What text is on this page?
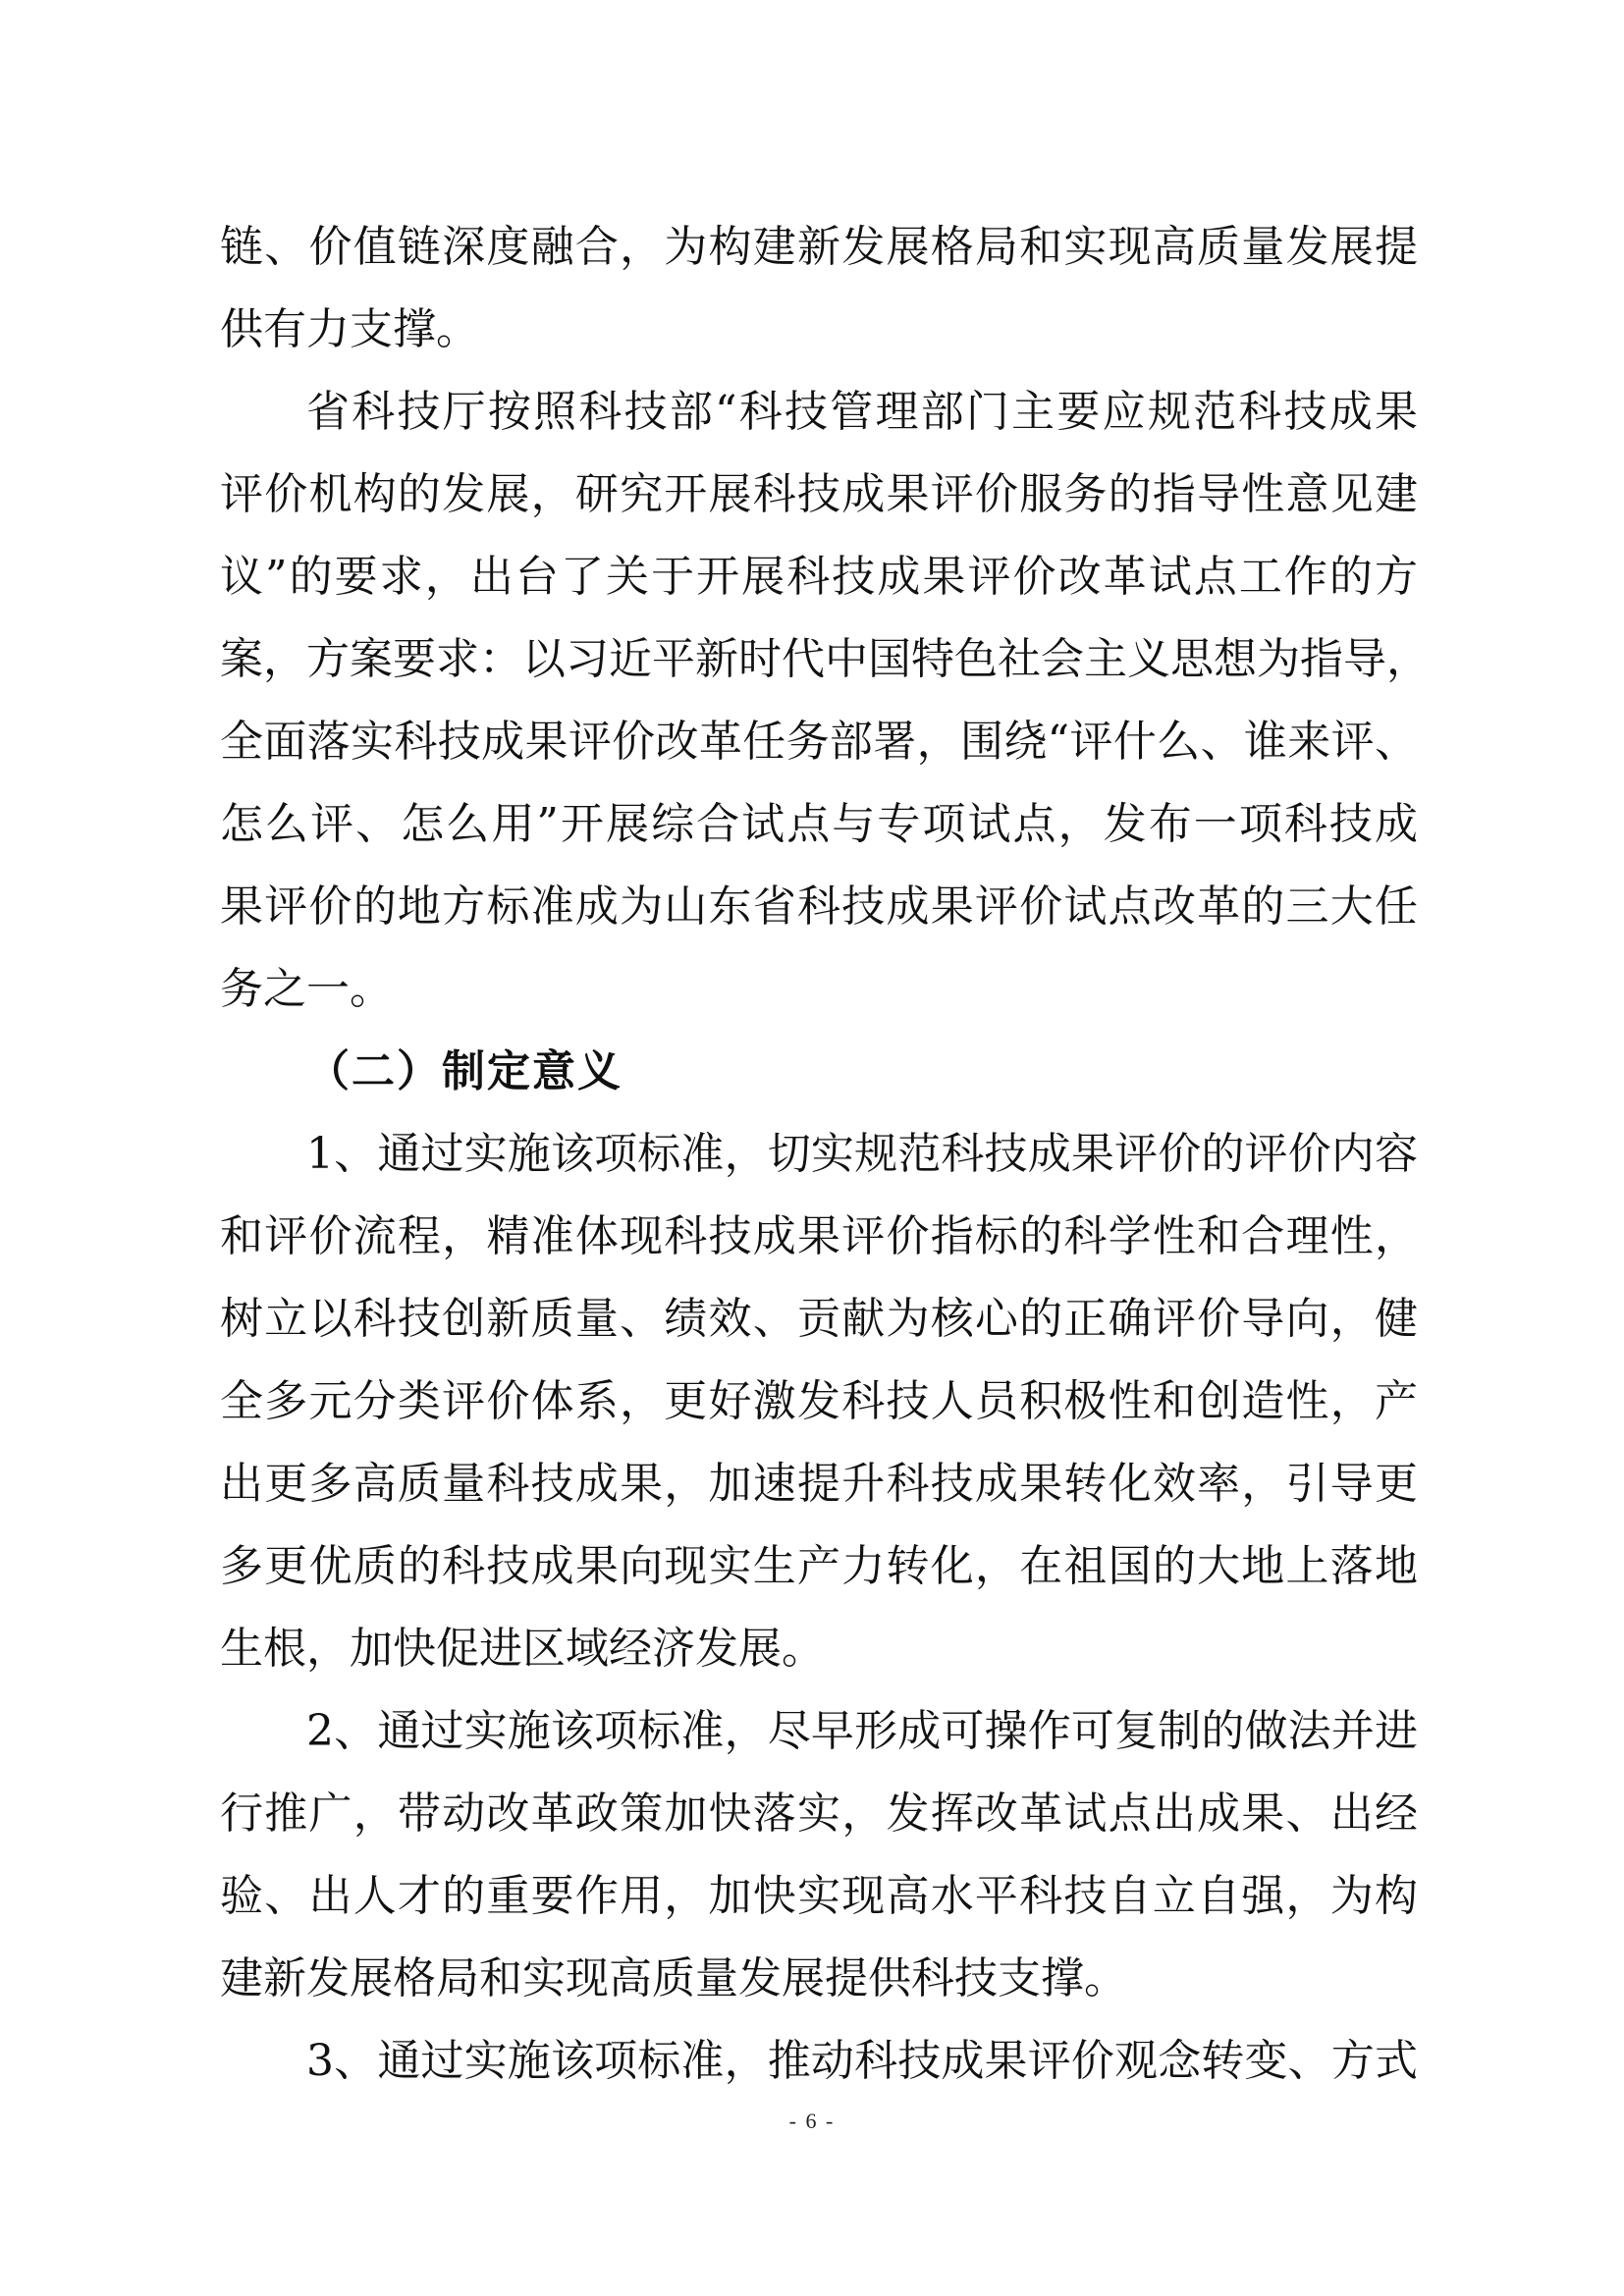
链、价值链深度融合，为构建新发展格局和实现高质量发展提
供有力支撑。
省科技厅按照科技部“科技管理部门主要应规范科技成果
评价机构的发展，研究开展科技成果评价服务的指导性意见建
议”的要求，出台了关于开展科技成果评价改革试点工作的方
案，方案要求：以习近平新时代中国特色社会主义思想为指导，
全面落实科技成果评价改革任务部署，围绕“评什么、谁来评、
怎么评、怎么用”开展综合试点与专项试点，发布一项科技成
果评价的地方标准成为山东省科技成果评价试点改革的三大任
务之一。
（二）制定意义
1、通过实施该项标准，切实规范科技成果评价的评价内容
和评价流程，精准体现科技成果评价指标的科学性和合理性，
树立以科技创新质量、绩效、贡献为核心的正确评价导向，健
全多元分类评价体系，更好激发科技人员积极性和创造性，产
出更多高质量科技成果，加速提升科技成果转化效率，引导更
多更优质的科技成果向现实生产力转化，在祖国的大地上落地
生根，加快促进区域经济发展。
2、通过实施该项标准，尽早形成可操作可复制的做法并进
行推广，带动改革政策加快落实，发挥改革试点出成果、出经
验、出人才的重要作用，加快实现高水平科技自立自强，为构
建新发展格局和实现高质量发展提供科技支撑。
3、通过实施该项标准，推动科技成果评价观念转变、方式
- 6 -
